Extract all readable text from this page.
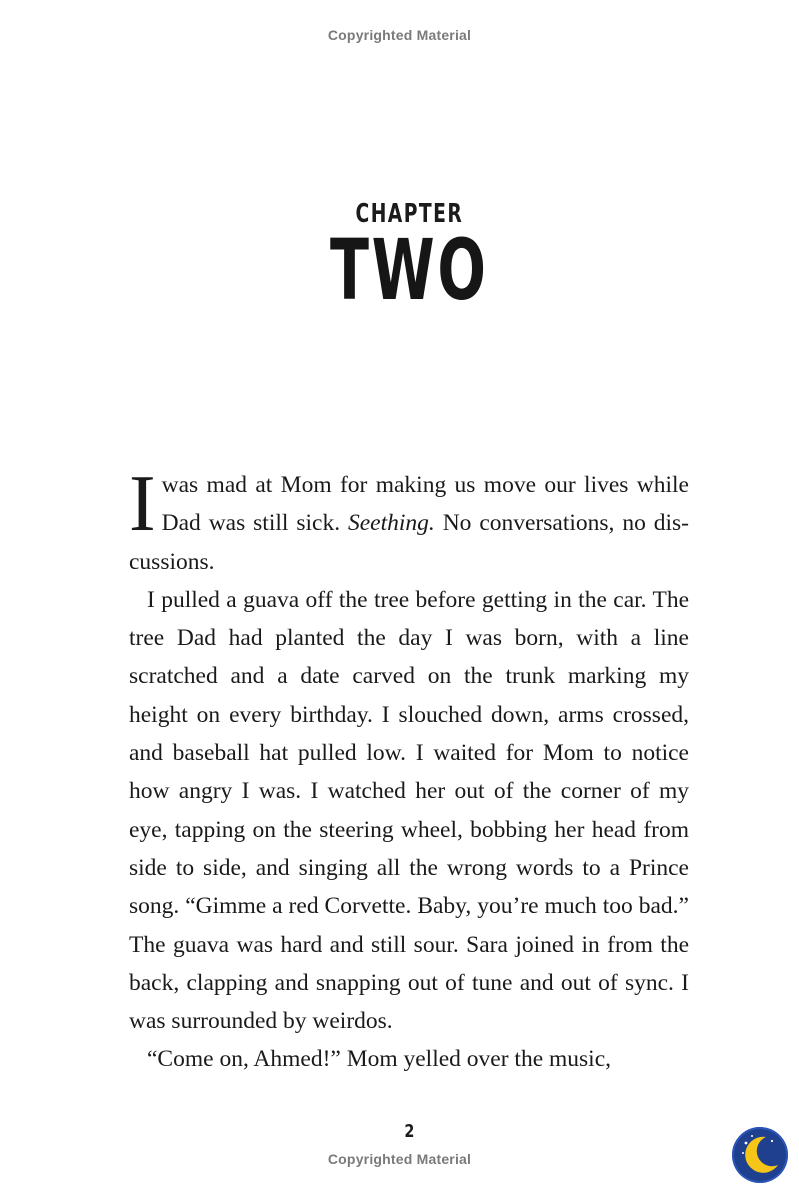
Copyrighted Material
CHAPTER
TWO

Iwas mad at Mom for making us move our lives while Dad was still sick. Seething. No conversations, no dis-cussions.

I pulled a guava off the tree before getting in the car. The tree Dad had planted the day I was born, with a line scratched and a date carved on the trunk marking my height on every birthday. I slouched down, arms crossed, and baseball hat pulled low. I waited for Mom to notice how angry I was. I watched her out of the corner of my eye, tapping on the steering wheel, bobbing her head from side to side, and singing all the wrong words to a Prince song. “Gimme a red Corvette. Baby, you’re much too bad.” The guava was hard and still sour. Sara joined in from the back, clapping and snapping out of tune and out of sync. I was surrounded by weirdos.

“Come on, Ahmed!” Mom yelled over the music,

2
Copyrighted Material
